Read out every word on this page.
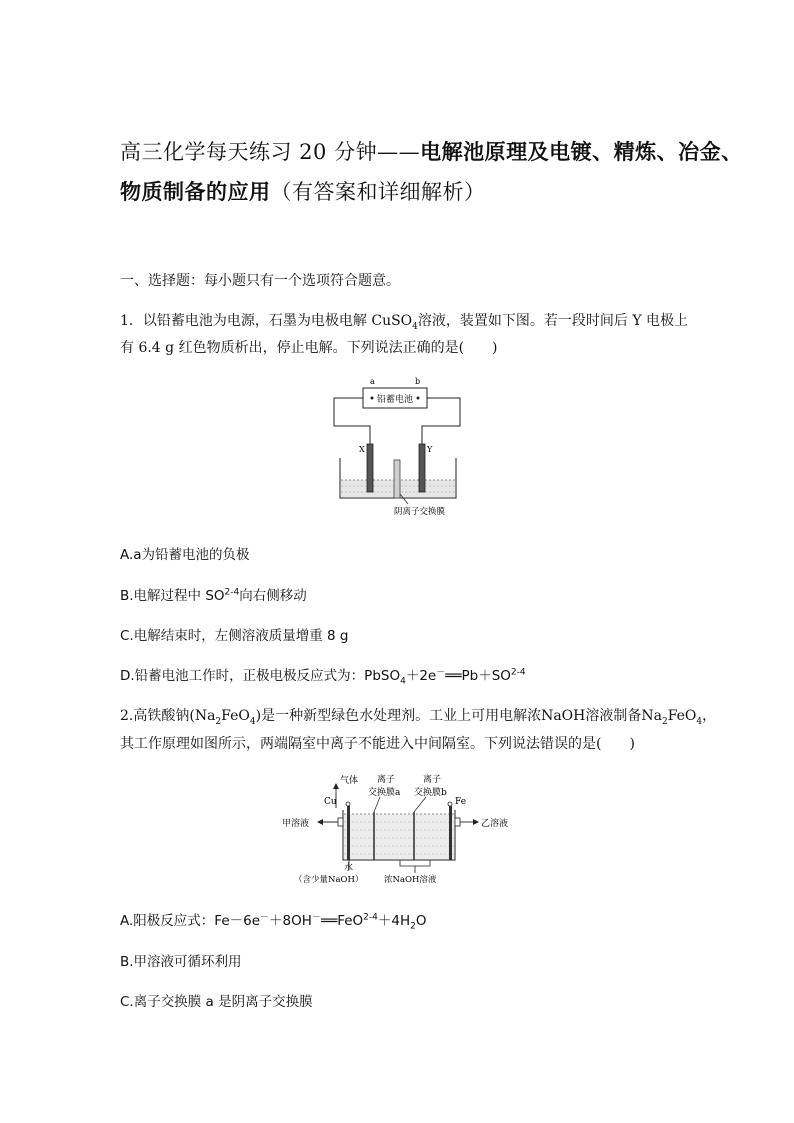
高三化学每天练习 20 分钟——电解池原理及电镀、精炼、冶金、
物质制备的应用（有答案和详细解析）
一、选择题：每小题只有一个选项符合题意。
1．以铅蓄电池为电源，石墨为电极电解 CuSO$_4$溶液，装置如下图。若一段时间后 Y 电极上
有 6.4 g 红色物质析出，停止电解。下列说法正确的是(　　)
a	b
铅蓄电池
X	Y
阴离子交换膜
A.a为铅蓄电池的负极
B.电解过程中 SO$^{2-4}$向右侧移动
C.电解结束时，左侧溶液质量增重 8 g
D.铅蓄电池工作时，正极电极反应式为：$PbSO_4+2e^-══Pb+SO^{2-4}$
2.高铁酸钠$(Na_2FeO_4)$是一种新型绿色水处理剂。工业上可用电解浓NaOH溶液制备$Na_2FeO_4$，
其工作原理如图所示，两端隔室中离子不能进入中间隔室。下列说法错误的是(　　)
气体 离子
交换膜a
离子
交换膜b
Cu	Fe
甲溶液	乙溶液
水
（含少量NaOH） 浓NaOH溶液
A.阳极反应式：$Fe-6e^-+8OH^-══FeO^{2-4}+4H_2O$
B.甲溶液可循环利用
C.离子交换膜 a 是阴离子交换膜
